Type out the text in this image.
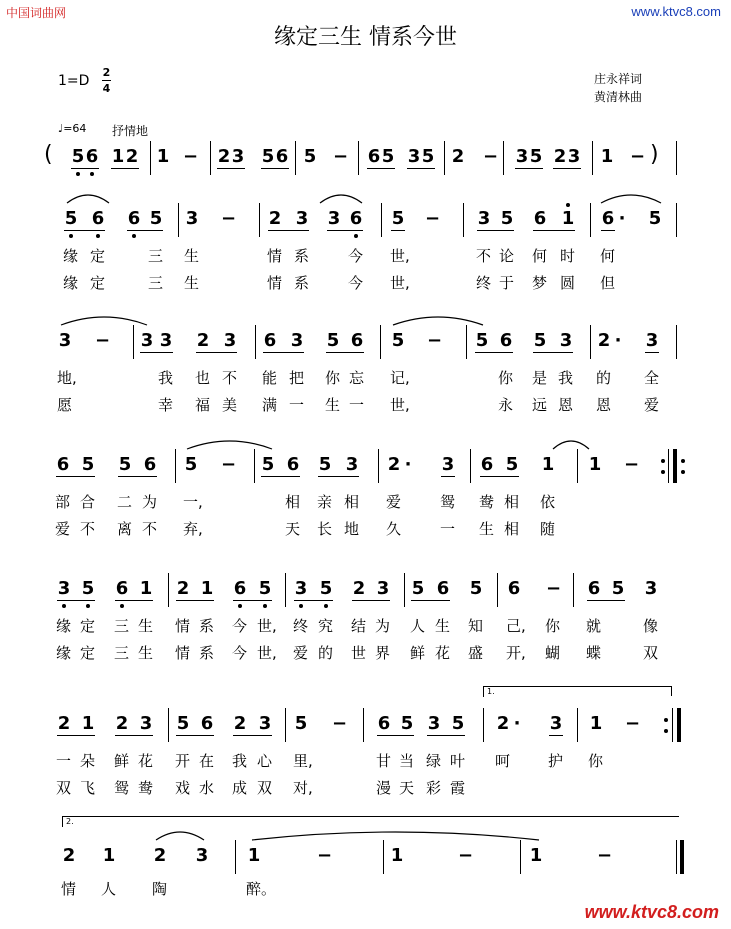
中国词曲网	www.ktvc8.com
缘定三生 情系今世
1=D
2
4
庄永祥词
黄清林曲
♩=64 抒情地
( 5 6 1 2 1 − 2 3 5 6 5 − 6 5 3 5 2 − 3 5 2 3 1 − )
5 6 6 5 3 − 2 3 3 6 5 − 3 5 6 1 6 · 5
缘 定	三 生	情 系	今 世,	不 论 何 时 何
缘 定	三 生	情 系	今 世,	终 于 梦 圆 但
3 − 3 3 2 3 6 3 5 6 5 − 5 6 5 3 2 · 3
地,	我 也 不 能 把 你 忘 记,	你 是 我 的 全
愿	幸 福 美 满 一 生 一 世,	永 远 恩 恩 爱
6 5 5 6 5 − 5 6 5 3 2 · 3 6 5 1 1 −
部 合 二 为 一,	相 亲 相 爱	鸳 鸯 相 依
爱 不 离 不 弃,	天 长 地 久	一 生 相 随
3 5 6 1 2 1 6 5 3 5 2 3 5 6 5 6 − 6 5 3
缘 定 三 生 情 系 今 世, 终 究 结 为 人 生 知 己, 你 就	像
缘 定 三 生 情 系 今 世, 爱 的 世 界 鲜 花 盛 开, 蝴 蝶	双
1.
2 1 2 3 5 6 2 3 5 − 6 5 3 5 2 · 3 1 −
一 朵 鲜 花 开 在 我 心 里,	甘 当 绿 叶 呵	护 你
双 飞 鸳 鸯 戏 水 成 双 对,	漫 天 彩 霞
2.
2 1 2 3 1	−	1	−	1	−
情 人 陶	醉。
www.ktvc8.com
